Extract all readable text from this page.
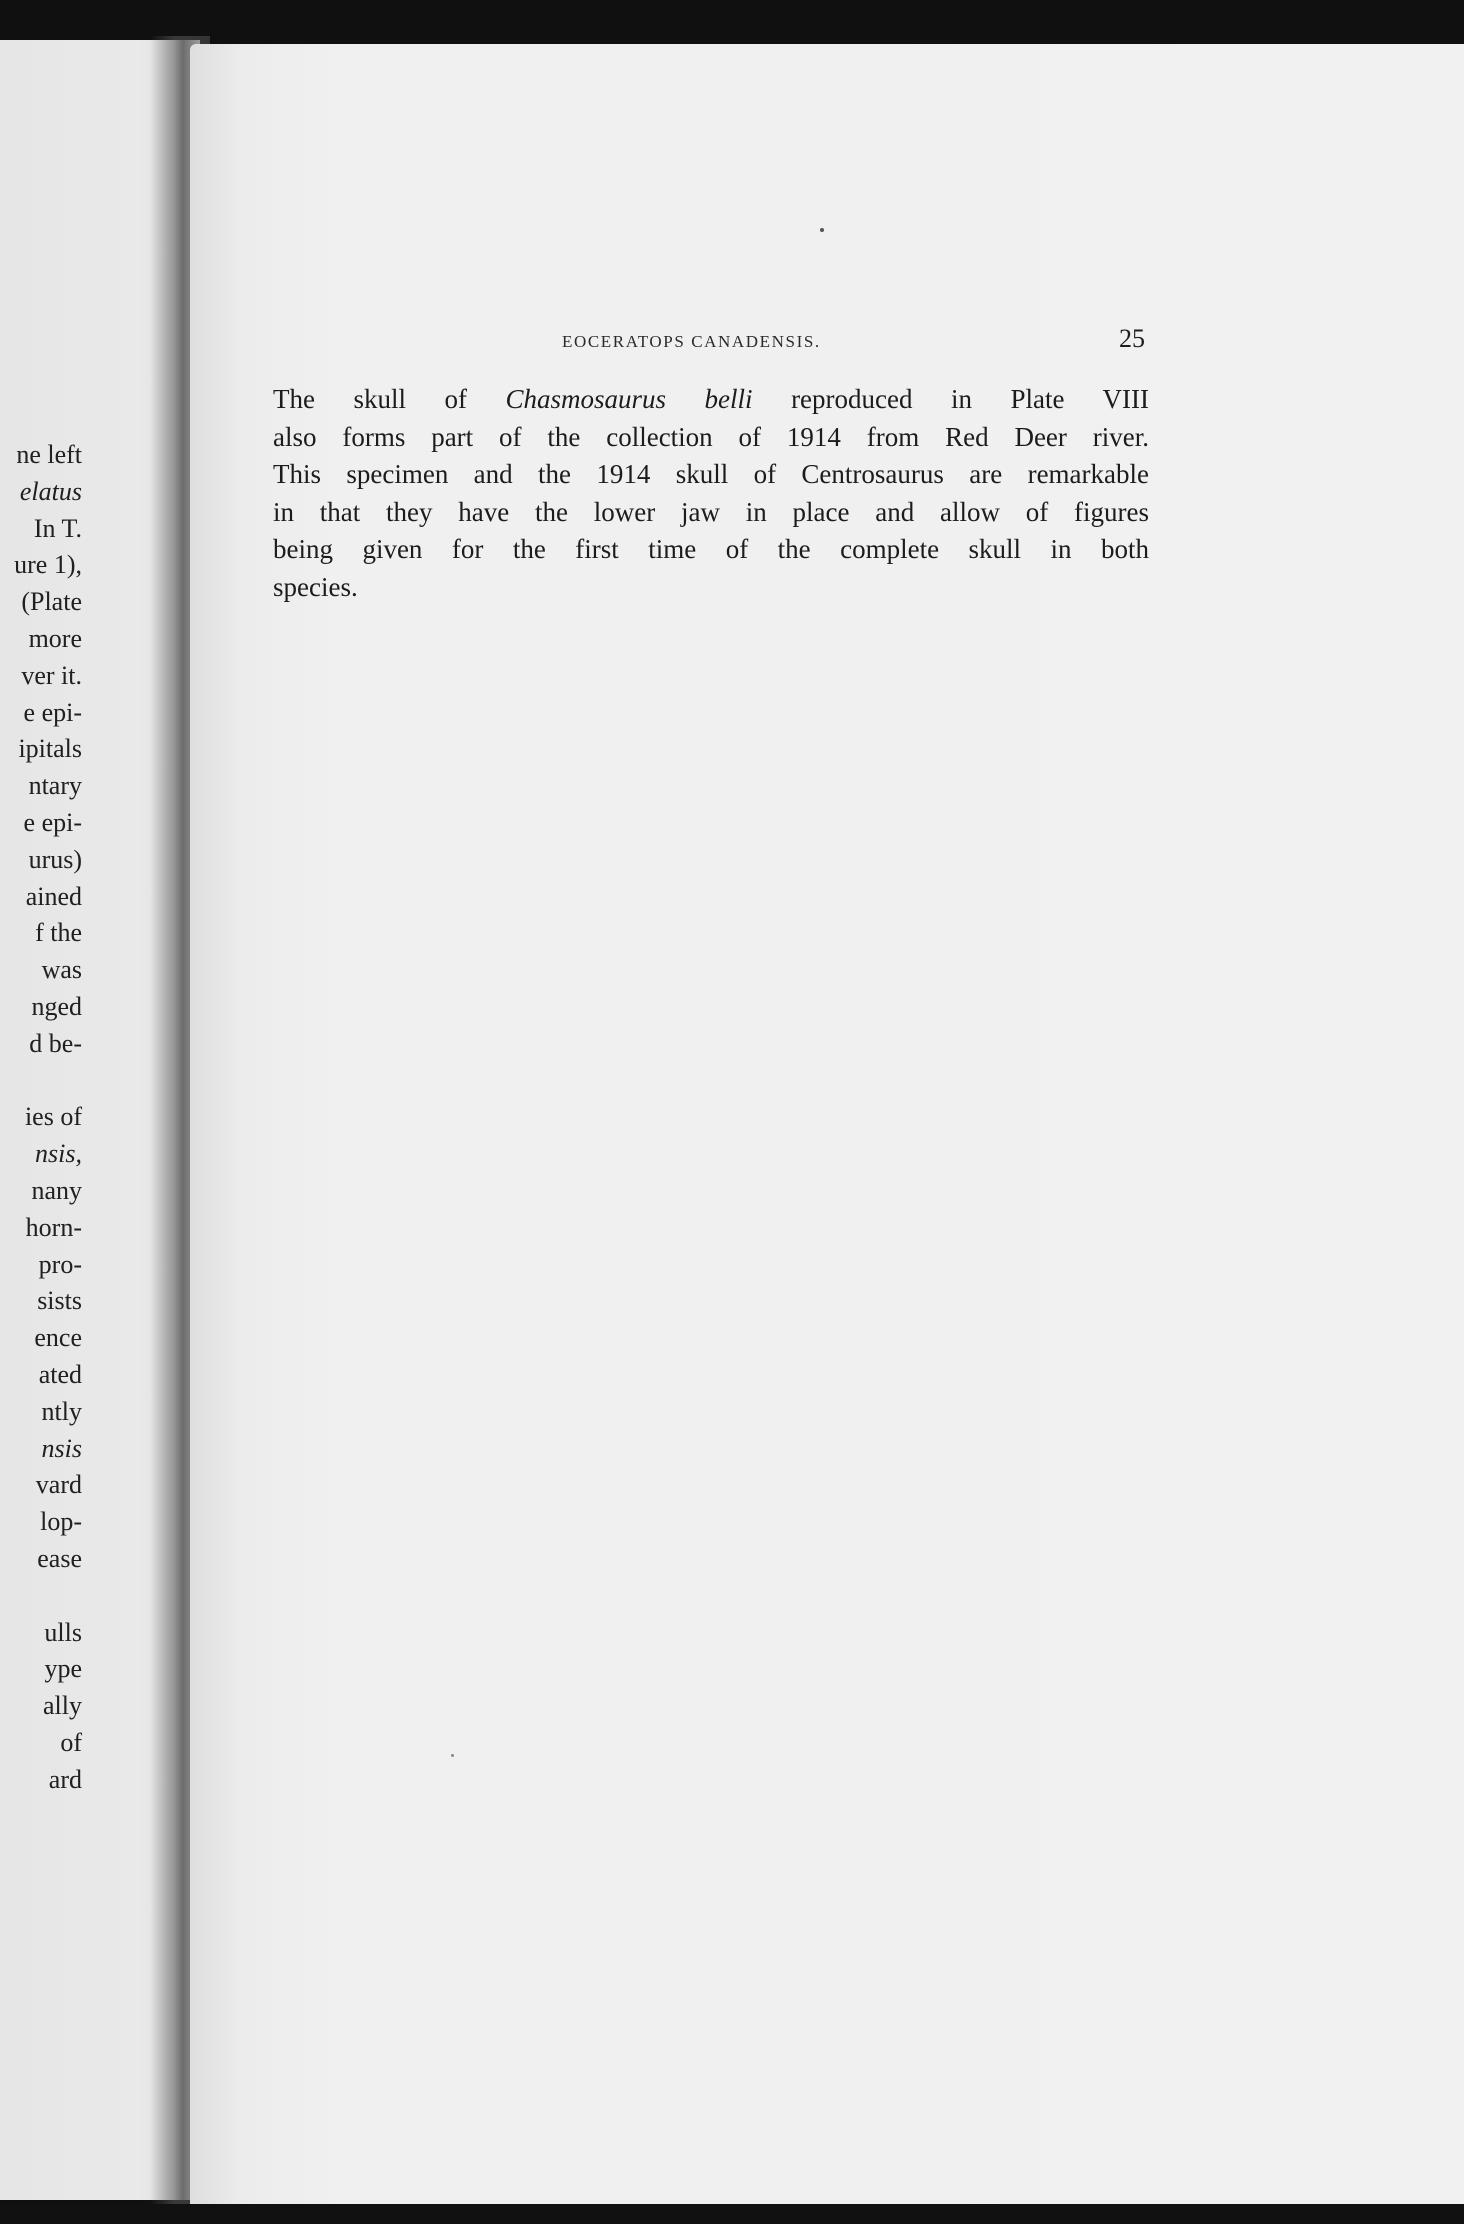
ne left
elatus
In T.
ure 1),
(Plate
more
ver it.
e epi-
ipitals
ntary
e epi-
urus)
ained
f the
was
nged
d be-
ies of
nsis,
nany
horn-
pro-
sists
ence
ated
ntly
nsis
vard
lop-
ease
ulls
ype
ally
of
ard
EOCERATOPS CANADENSIS.	25
The skull of Chasmosaurus belli reproduced in Plate VIII
also forms part of the collection of 1914 from Red Deer river.
This specimen and the 1914 skull of Centrosaurus are remarkable
in that they have the lower jaw in place and allow of figures
being given for the first time of the complete skull in both
species.
